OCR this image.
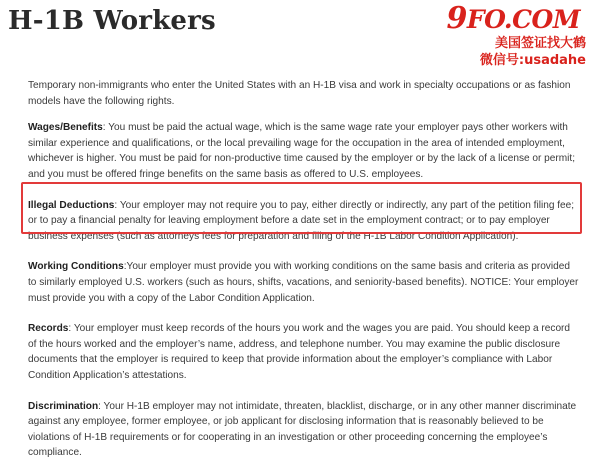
H-1B Workers	9FO.COM
美国签证找大鹤
微信号:usadahe

Temporary non-immigrants who enter the United States with an H-1B visa and work in specialty occupations or as fashion models have the following rights.

Wages/Benefits: You must be paid the actual wage, which is the same wage rate your employer pays other workers with similar experience and qualifications, or the local prevailing wage for the occupation in the area of intended employment, whichever is higher. You must be paid for non-productive time caused by the employer or by the lack of a license or permit; and you must be offered fringe benefits on the same basis as offered to U.S. employees.

Illegal Deductions: Your employer may not require you to pay, either directly or indirectly, any part of the petition filing fee; or to pay a financial penalty for leaving employment before a date set in the employment contract; or to pay employer business expenses (such as attorneys fees for preparation and filing of the H-1B Labor Condition Application).

Working Conditions:Your employer must provide you with working conditions on the same basis and criteria as provided to similarly employed U.S. workers (such as hours, shifts, vacations, and seniority-based benefits). NOTICE: Your employer must provide you with a copy of the Labor Condition Application.

Records: Your employer must keep records of the hours you work and the wages you are paid. You should keep a record of the hours worked and the employer’s name, address, and telephone number. You may examine the public disclosure documents that the employer is required to keep that provide information about the employer’s compliance with Labor Condition Application’s attestations.

Discrimination: Your H-1B employer may not intimidate, threaten, blacklist, discharge, or in any other manner discriminate against any employee, former employee, or job applicant for disclosing information that is reasonably believed to be violations of H-1B requirements or for cooperating in an investigation or other proceeding concerning the employee’s compliance.
